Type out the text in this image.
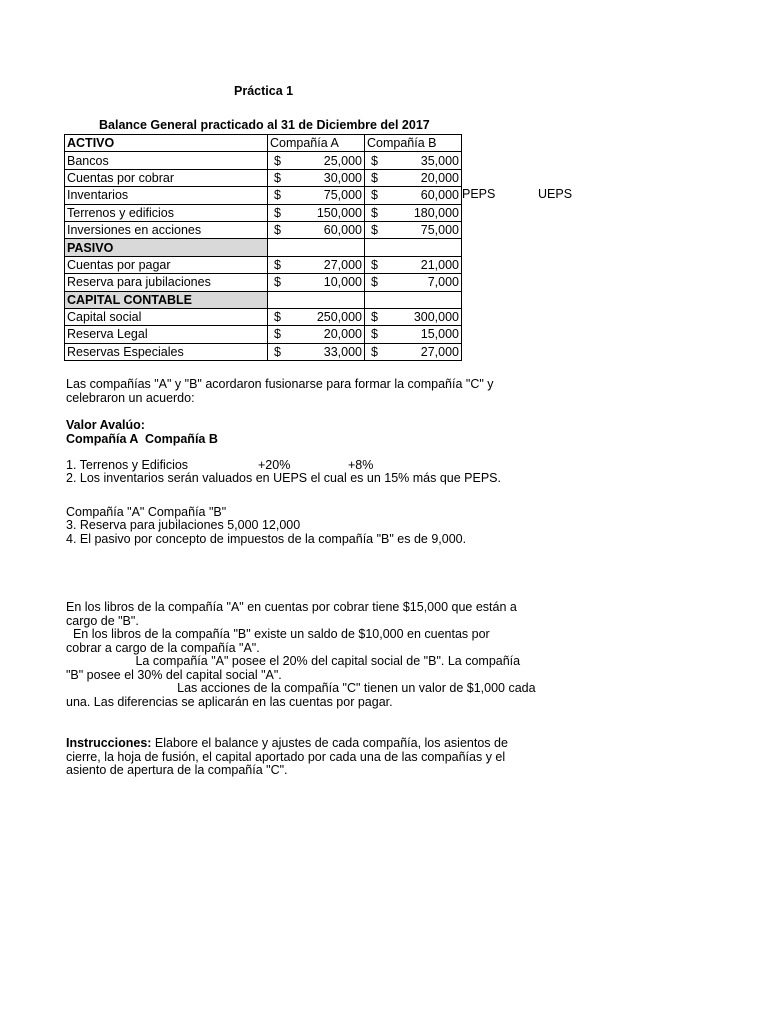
Práctica 1
Balance General practicado al 31 de Diciembre del 2017
ACTIVO	Compañía A	Compañía B
Bancos	$ 25,000	$ 35,000

Cuentas por cobrar	$ 30,000	$ 20,000

Inventarios	$ 75,000	$ 60,000

Terrenos y edificios	$ 150,000	$ 180,000

Inversiones en acciones	$ 60,000	$ 75,000

PASIVO		
Cuentas por pagar	$ 27,000	$ 21,000

Reserva para jubilaciones	$ 10,000	$ 7,000

CAPITAL CONTABLE		
Capital social	$ 250,000	$ 300,000

Reserva Legal	$ 20,000	$ 15,000

Reservas Especiales	$ 33,000	$ 27,000
PEPS	UEPS
Las compañías "A" y "B" acordaron fusionarse para formar la compañía "C" y
celebraron un acuerdo:
Valor Avalúo:
Compañía A  Compañía B
1. Terrenos y Edificios	+20%	+8%
2. Los inventarios serán valuados en UEPS el cual es un 15% más que PEPS.
Compañía "A" Compañía "B"
3. Reserva para jubilaciones 5,000 12,000
4. El pasivo por concepto de impuestos de la compañía "B" es de 9,000.
En los libros de la compañía "A" en cuentas por cobrar tiene $15,000 que están a
cargo de "B".
En los libros de la compañía "B" existe un saldo de $10,000 en cuentas por
cobrar a cargo de la compañía "A".
La compañía "A" posee el 20% del capital social de "B". La compañía
"B" posee el 30% del capital social "A".
Las acciones de la compañía "C" tienen un valor de $1,000 cada
una. Las diferencias se aplicarán en las cuentas por pagar.
Instrucciones: Elabore el balance y ajustes de cada compañía, los asientos de
cierre, la hoja de fusión, el capital aportado por cada una de las compañías y el
asiento de apertura de la compañía "C".
